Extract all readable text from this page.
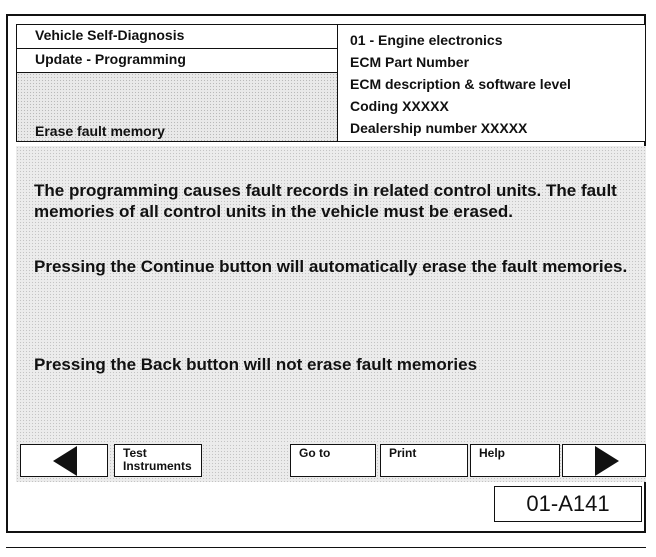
Vehicle Self-Diagnosis
Update - Programming
Erase fault memory
01 - Engine electronics
ECM Part Number
ECM description & software level
Coding XXXXX
Dealership number XXXXX
The programming causes fault records in related control units. The fault memories of all control units in the vehicle must be erased.
Pressing the Continue button will automatically erase the fault memories.
Pressing the Back button will not erase fault memories
Test
Instruments
Go to	Print	Help
01-A141
